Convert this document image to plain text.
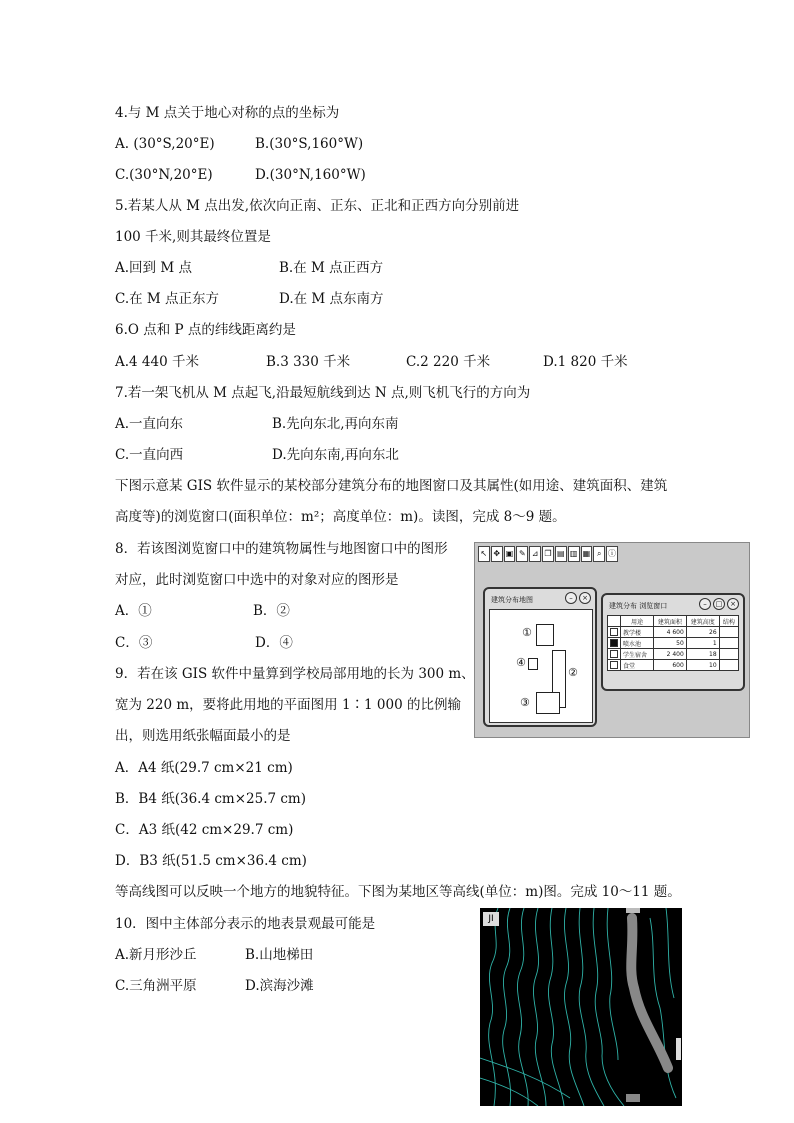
4.与 M 点关于地心对称的点的坐标为
A. (30°S,20°E)	B.(30°S,160°W)
C.(30°N,20°E)	D.(30°N,160°W)
5.若某人从 M 点出发,依次向正南、正东、正北和正西方向分别前进
100 千米,则其最终位置是
A.回到 M 点	B.在 M 点正西方
C.在 M 点正东方	D.在 M 点东南方
6.O 点和 P 点的纬线距离约是
A.4 440 千米	B.3 330 千米	C.2 220 千米	D.1 820 千米
7.若一架飞机从 M 点起飞,沿最短航线到达 N 点,则飞机飞行的方向为
A.一直向东	B.先向东北,再向东南
C.一直向西	D.先向东南,再向东北
下图示意某 GIS 软件显示的某校部分建筑分布的地图窗口及其属性(如用途、建筑面积、建筑
高度等)的浏览窗口(面积单位：m²；高度单位：m)。读图，完成 8～9 题。
8．若该图浏览窗口中的建筑物属性与地图窗口中的图形
对应，此时浏览窗口中选中的对象对应的图形是
A．①	B．②
C．③	D．④
↖ ✥ ▣ ✎ ⊿ ❐ ▤ ▥ ▦ ⌕ ⓘ
建筑分布地图	–	×
①
②
④
③
建筑分布 浏览窗口	–	□	×
	用途	建筑面积	建筑高度	结构
	教学楼	4 600	26	
	喷水池	50	1	
	学生宿舍	2 400	18	
	食堂	600	10	
9．若在该 GIS 软件中量算到学校局部用地的长为 300 m、
宽为 220 m，要将此用地的平面图用 1∶1 000 的比例输
出，则选用纸张幅面最小的是
A．A4 纸(29.7 cm×21 cm)
B．B4 纸(36.4 cm×25.7 cm)
C．A3 纸(42 cm×29.7 cm)
D．B3 纸(51.5 cm×36.4 cm)
等高线图可以反映一个地方的地貌特征。下图为某地区等高线(单位：m)图。完成 10～11 题。
10．图中主体部分表示的地表景观最可能是
A.新月形沙丘	B.山地梯田
C.三角洲平原	D.滨海沙滩
JI
